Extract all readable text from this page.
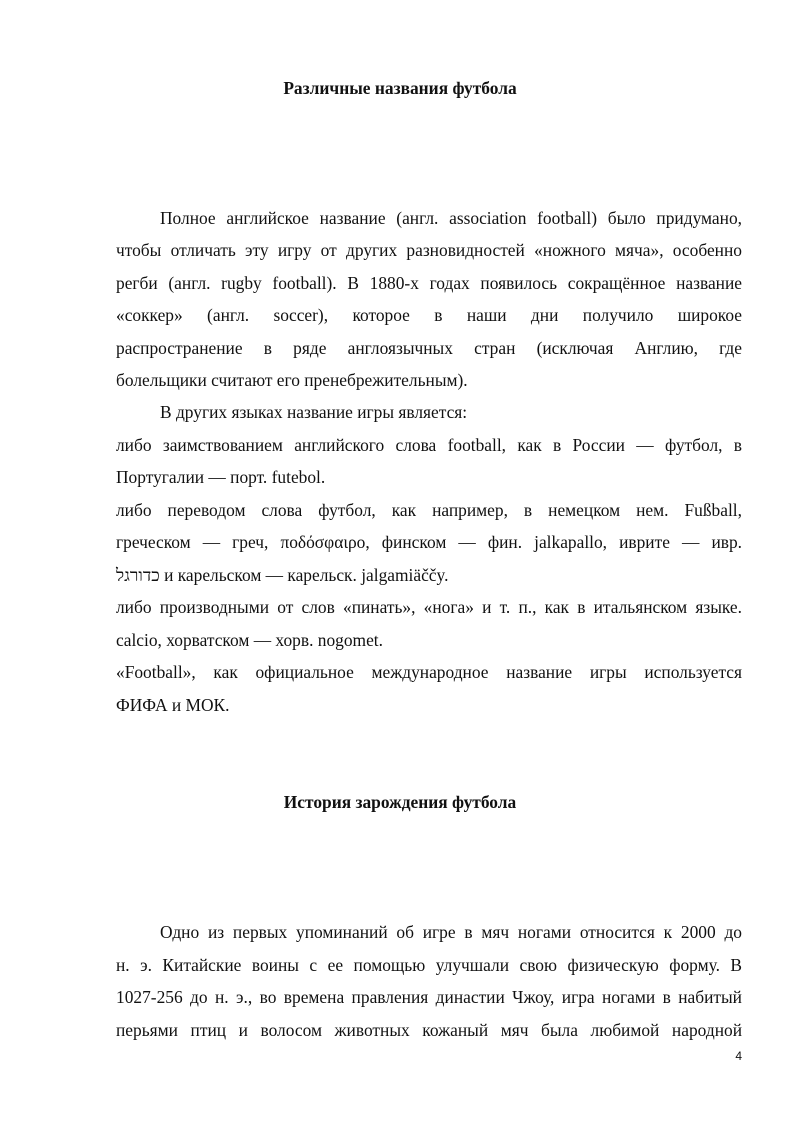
Различные названия футбола
Полное английское название (англ. association football) было придумано,
чтобы отличать эту игру от других разновидностей «ножного мяча», особенно
регби (англ. rugby football). В 1880-х годах появилось сокращённое название
«соккер» (англ. soccer), которое в наши дни получило широкое
распространение в ряде англоязычных стран (исключая Англию, где
болельщики считают его пренебрежительным).
В других языках название игры является:
либо заимствованием английского слова football, как в России — футбол, в
Португалии — порт. futebol.
либо переводом слова футбол, как например, в немецком нем. Fußball,
греческом — греч, ποδόσφαιρο, финском — фин. jalkapallo, иврите — ивр.
כדורגל и карельском — карельск. jalgamiäččy.
либо производными от слов «пинать», «нога» и т. п., как в итальянском языке.
calcio, хорватском — хорв. nogomet.
«Football», как официальное международное название игры используется
ФИФА и МОК.
История зарождения футбола
Одно из первых упоминаний об игре в мяч ногами относится к 2000 до
н. э. Китайские воины с ее помощью улучшали свою физическую форму. В
1027-256 до н. э., во времена правления династии Чжоу, игра ногами в набитый
перьями птиц и волосом животных кожаный мяч была любимой народной
4
